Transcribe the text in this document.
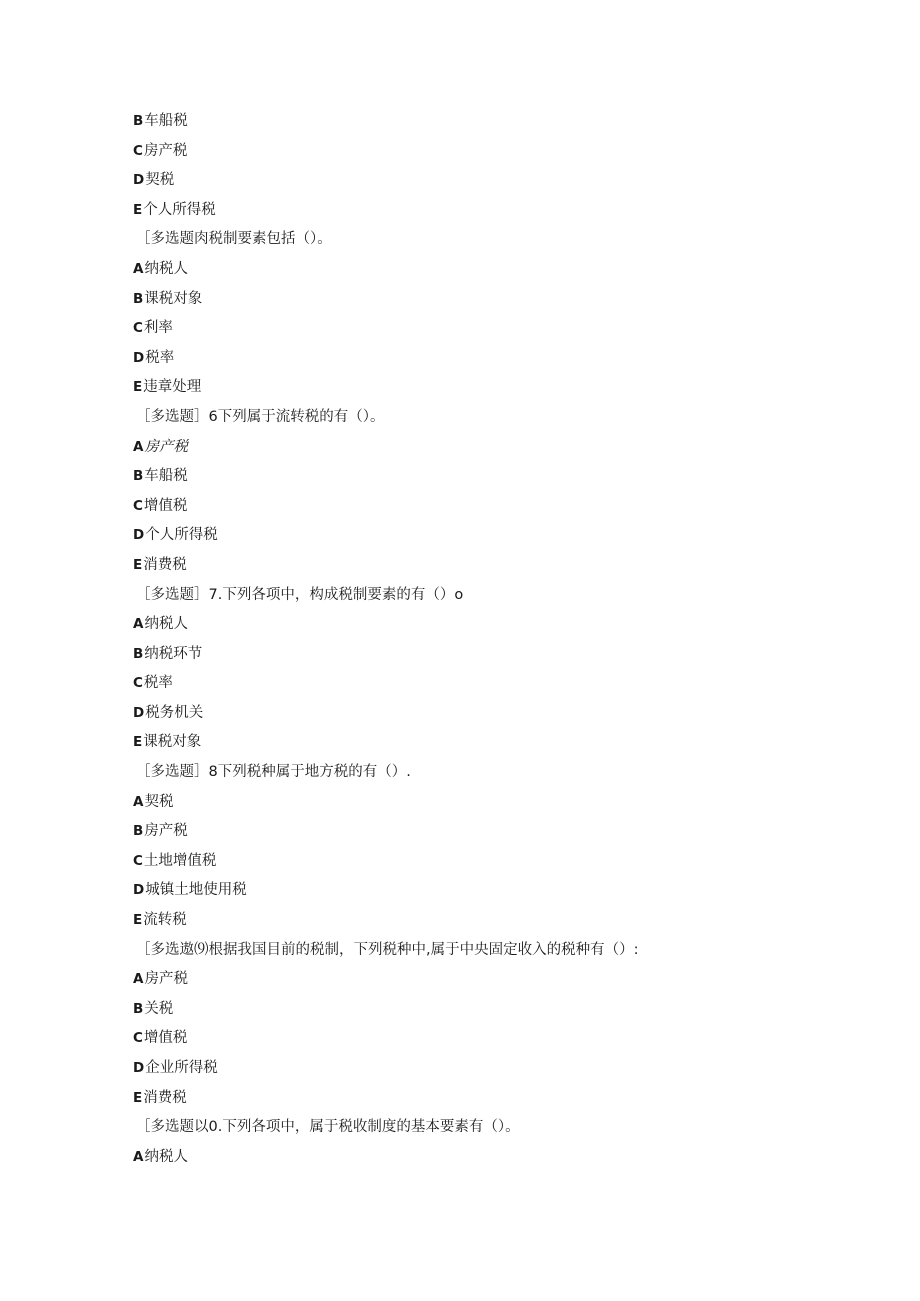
B车船税
C房产税
D契税
E个人所得税
［多选题肉税制要素包括（）。
A纳税人
B课税对象
C利率
D税率
E违章处理
［多选题］6下列属于流转税的有（）。
A房产税
B车船税
C增值税
D个人所得税
E消费税
［多选题］7.下列各项中，构成税制要素的有（）o
A纳税人
B纳税环节
C税率
D税务机关
E课税对象
［多选题］8下列税种属于地方税的有（）.
A契税
B房产税
C土地增值税
D城镇土地使用税
E流转税
［多选遨⑼根据我国目前的税制，下列税种中,属于中央固定收入的税种有（）:
A房产税
B关税
C增值税
D企业所得税
E消费税
［多选题以0.下列各项中，属于税收制度的基本要素有（）。
A纳税人
